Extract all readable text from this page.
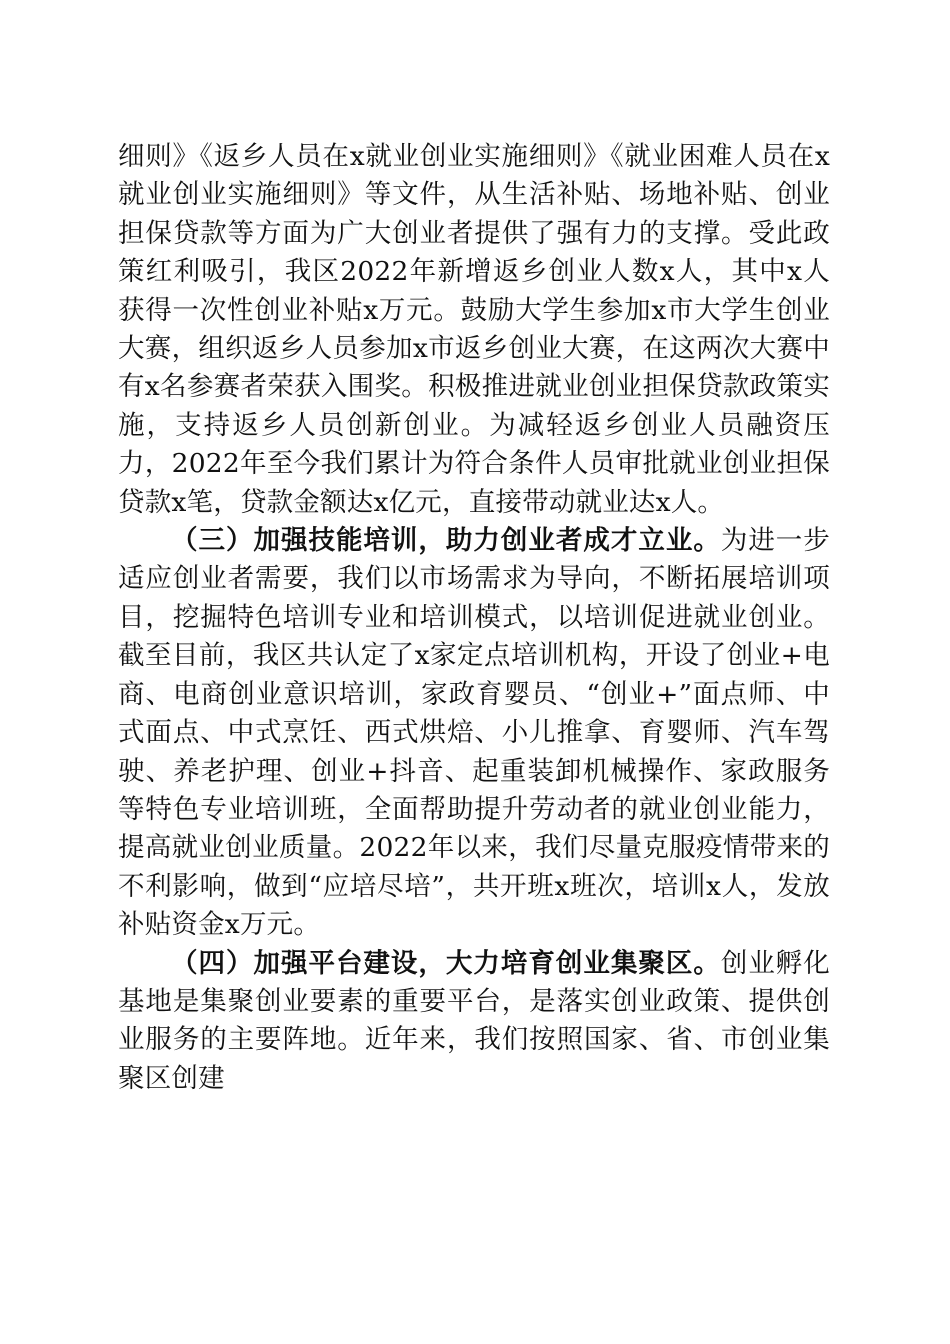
细则》《返乡人员在x就业创业实施细则》《就业困难人员在x就业创业实施细则》等文件，从生活补贴、场地补贴、创业担保贷款等方面为广大创业者提供了强有力的支撑。受此政策红利吸引，我区2022年新增返乡创业人数x人，其中x人获得一次性创业补贴x万元。鼓励大学生参加x市大学生创业大赛，组织返乡人员参加x市返乡创业大赛，在这两次大赛中有x名参赛者荣获入围奖。积极推进就业创业担保贷款政策实施，支持返乡人员创新创业。为减轻返乡创业人员融资压力，2022年至今我们累计为符合条件人员审批就业创业担保贷款x笔，贷款金额达x亿元，直接带动就业达x人。

（三）加强技能培训，助力创业者成才立业。为进一步适应创业者需要，我们以市场需求为导向，不断拓展培训项目，挖掘特色培训专业和培训模式，以培训促进就业创业。截至目前，我区共认定了x家定点培训机构，开设了创业+电商、电商创业意识培训，家政育婴员、“创业+”面点师、中式面点、中式烹饪、西式烘焙、小儿推拿、育婴师、汽车驾驶、养老护理、创业+抖音、起重装卸机械操作、家政服务等特色专业培训班，全面帮助提升劳动者的就业创业能力，提高就业创业质量。2022年以来，我们尽量克服疫情带来的不利影响，做到“应培尽培”，共开班x班次，培训x人，发放补贴资金x万元。

（四）加强平台建设，大力培育创业集聚区。创业孵化基地是集聚创业要素的重要平台，是落实创业政策、提供创业服务的主要阵地。近年来，我们按照国家、省、市创业集聚区创建
